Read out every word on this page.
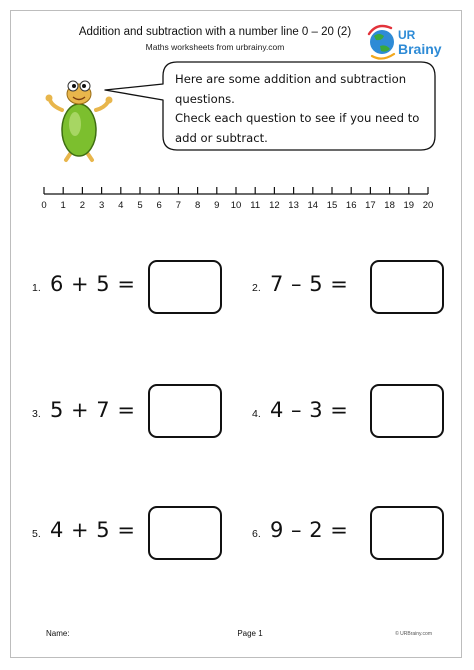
Addition and subtraction with a number line 0 – 20 (2)
Maths worksheets from urbrainy.com
UR
Brainy
Here are some addition and subtraction
questions.
Check each question to see if you need to
add or subtract.
0 1 2 3 4 5 6 7 8 9 10 11 12 13 14 15 16 17 18 19 20
1. 6 + 5 =	2. 7 – 5 =
3. 5 + 7 =	4. 4 – 3 =
5. 4 + 5 =	6. 9 – 2 =
Name:	Page 1	© URBrainy.com
